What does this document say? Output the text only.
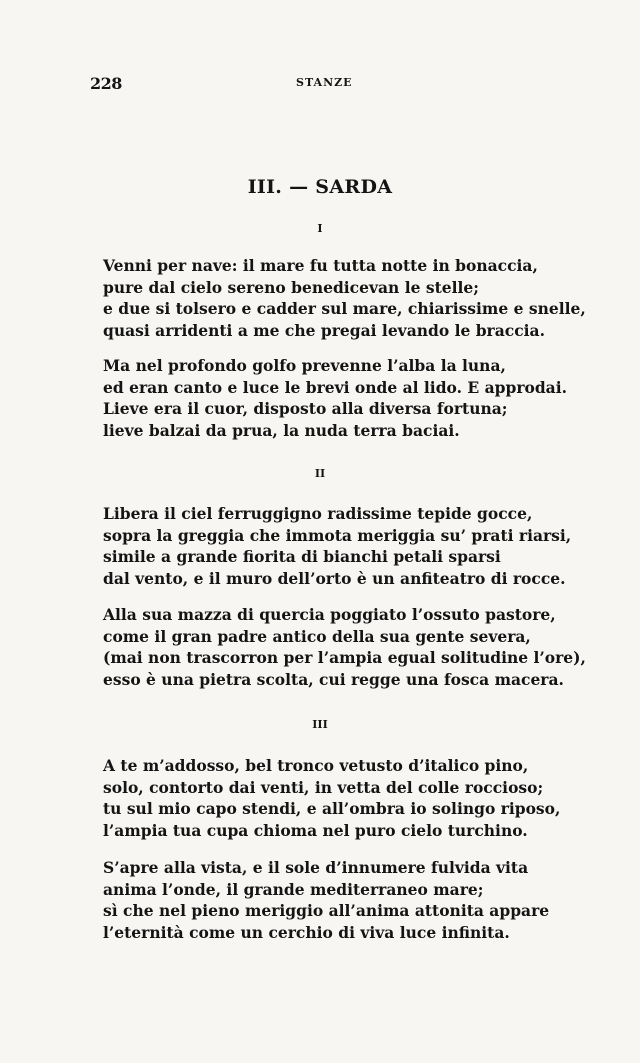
228	STANZE
III. — SARDA
I
Venni per nave: il mare fu tutta notte in bonaccia,
pure dal cielo sereno benedicevan le stelle;
e due si tolsero e cadder sul mare, chiarissime e snelle,
quasi arridenti a me che pregai levando le braccia.
Ma nel profondo golfo prevenne l’alba la luna,
ed eran canto e luce le brevi onde al lido. E approdai.
Lieve era il cuor, disposto alla diversa fortuna;
lieve balzai da prua, la nuda terra baciai.
II
Libera il ciel ferruggigno radissime tepide gocce,
sopra la greggia che immota meriggia su’ prati riarsi,
simile a grande fiorita di bianchi petali sparsi
dal vento, e il muro dell’orto è un anfiteatro di rocce.
Alla sua mazza di quercia poggiato l’ossuto pastore,
come il gran padre antico della sua gente severa,
(mai non trascorron per l’ampia egual solitudine l’ore),
esso è una pietra scolta, cui regge una fosca macera.
III
A te m’addosso, bel tronco vetusto d’italico pino,
solo, contorto dai venti, in vetta del colle roccioso;
tu sul mio capo stendi, e all’ombra io solingo riposo,
l’ampia tua cupa chioma nel puro cielo turchino.
S’apre alla vista, e il sole d’innumere fulvida vita
anima l’onde, il grande mediterraneo mare;
sì che nel pieno meriggio all’anima attonita appare
l’eternità come un cerchio di viva luce infinita.
